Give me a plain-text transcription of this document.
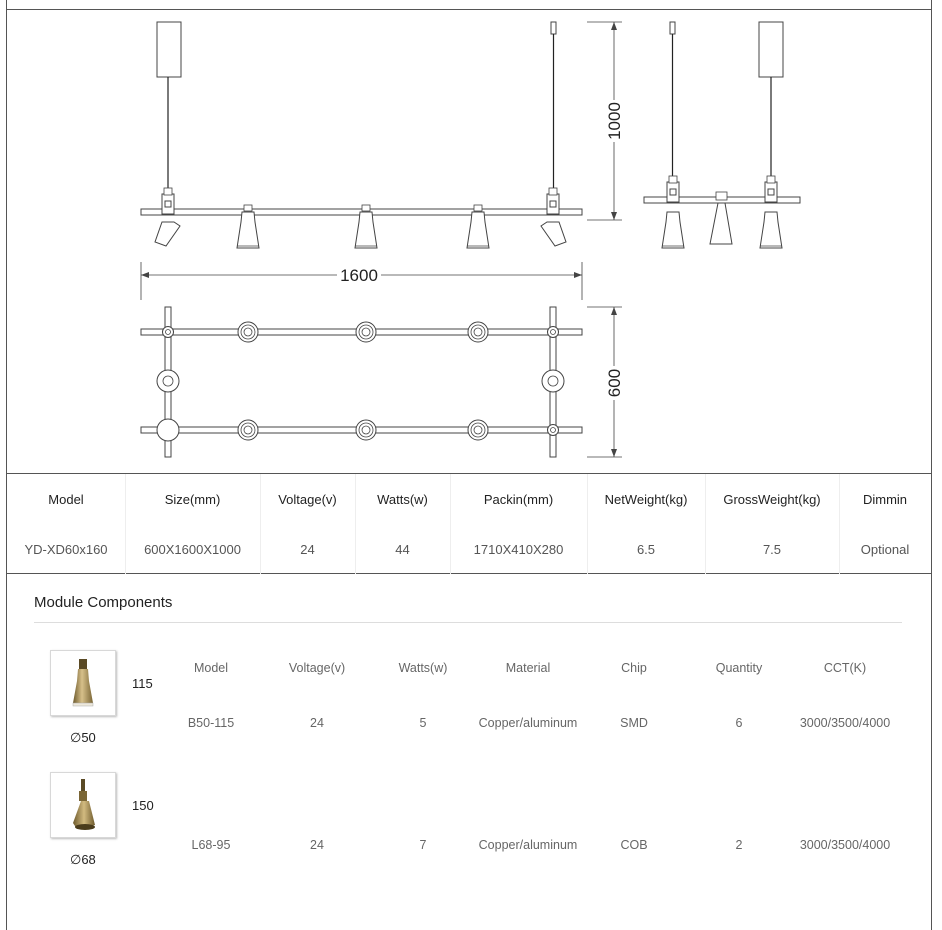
1000
1600
600
Model	Size(mm)	Voltage(v)	Watts(w)	Packin(mm)	NetWeight(kg)	GrossWeight(kg)	Dimmin
YD-XD60x160	600X1600X1000	24	44	1710X410X280	6.5	7.5	Optional
Module Components
115
∅50
150
∅68
Model	Voltage(v)	Watts(w)	Material	Chip	Quantity	CCT(K)
B50-115	24	5	Copper/aluminum	SMD	6	3000/3500/4000
L68-95	24	7	Copper/aluminum	COB	2	3000/3500/4000
